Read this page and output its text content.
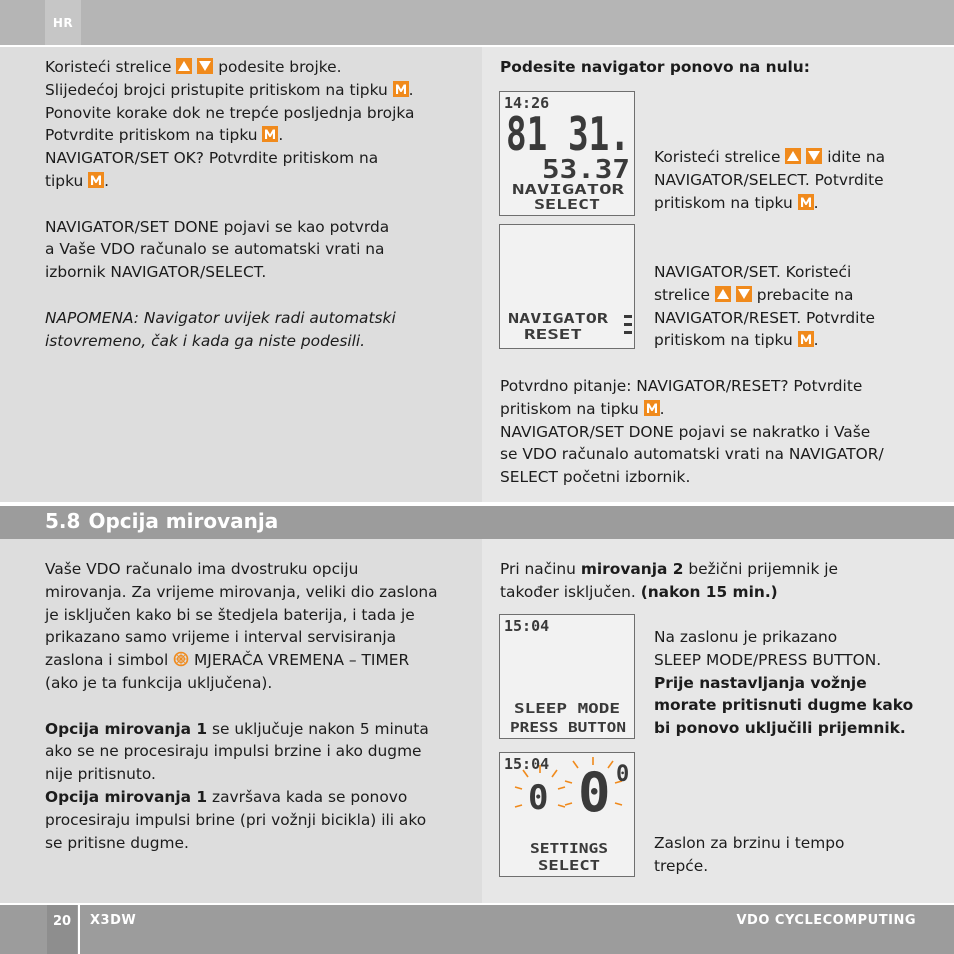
HR

Koristeći strelice   podesite brojke.

Slijedećoj brojci pristupite pritiskom na tipku .

Ponovite korake dok ne trepće posljednja brojka

Potvrdite pritiskom na tipku .

NAVIGATOR/SET OK? Potvrdite pritiskom na

tipku .

NAVIGATOR/SET DONE pojavi se kao potvrda

a Vaše VDO računalo se automatski vrati na

izbornik NAVIGATOR/SELECT.

NAPOMENA: Navigator uvijek radi automatski

istovremeno, čak i kada ga niste podesili.

Podesite navigator ponovo na nulu:
14:26
81 31.
53.37
NAVIGATOR
SELECT

Koristeći strelice   idite na

NAVIGATOR/SELECT. Potvrdite

pritiskom na tipku .

NAVIGATOR
RESET

NAVIGATOR/SET. Koristeći

strelice   prebacite na

NAVIGATOR/RESET. Potvrdite

pritiskom na tipku .

Potvrdno pitanje: NAVIGATOR/RESET? Potvrdite

pritiskom na tipku .

NAVIGATOR/SET DONE pojavi se nakratko i Vaše

se VDO računalo automatski vrati na NAVIGATOR/

SELECT početni izbornik.

5.8 Opcija mirovanja

Vaše VDO računalo ima dvostruku opciju

mirovanja. Za vrijeme mirovanja, veliki dio zaslona

je isključen kako bi se štedjela baterija, i tada je

prikazano samo vrijeme i interval servisiranja

zaslona i simbol  MJERAČA VREMENA – TIMER

(ako je ta funkcija uključena).

Opcija mirovanja 1 se uključuje nakon 5 minuta

ako se ne procesiraju impulsi brzine i ako dugme

nije pritisnuto.

Opcija mirovanja 1 završava kada se ponovo

procesiraju impulsi brine (pri vožnji bicikla) ili ako

se pritisne dugme.

Pri načinu mirovanja 2 bežični prijemnik je

također isključen. (nakon 15 min.)

15:04
SLEEP MODE
PRESS BUTTON

Na zaslonu je prikazano

SLEEP MODE/PRESS BUTTON.

Prije nastavljanja vožnje

morate pritisnuti dugme kako

bi ponovo uključili prijemnik.

15:04
0 0 0
SETTINGS
SELECT

Zaslon za brzinu i tempo

trepće.

20	X3DW	VDO CYCLECOMPUTING
